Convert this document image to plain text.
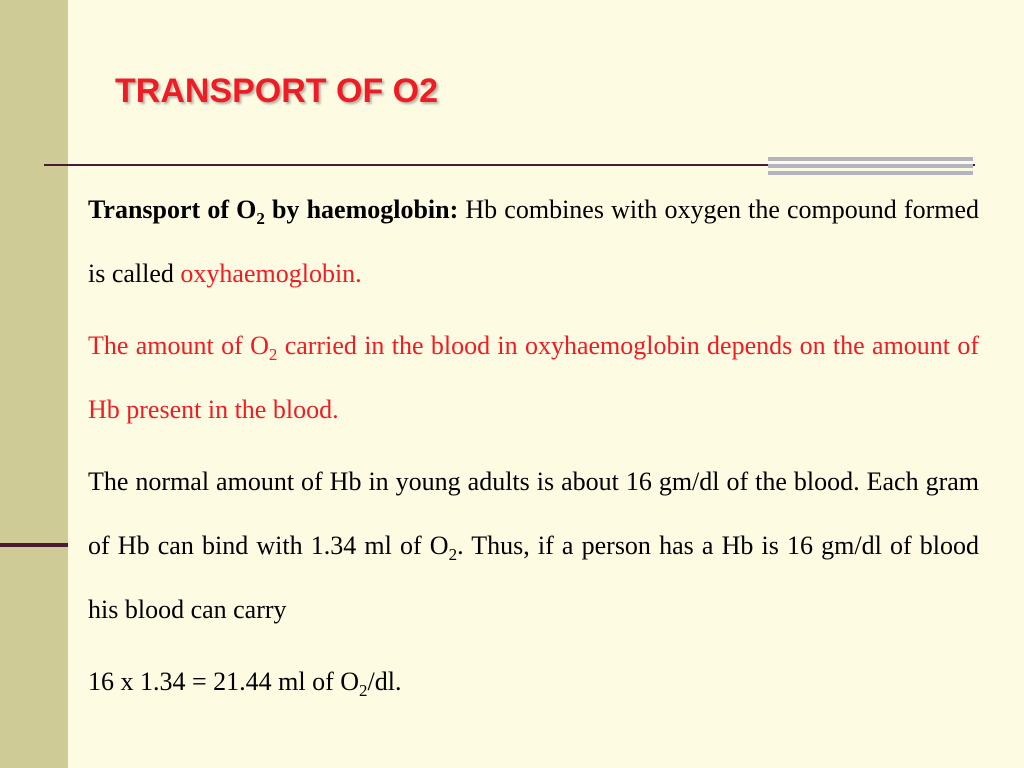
TRANSPORT OF O2

Transport of $O_2$ by haemoglobin: Hb combines with oxygen the compound formed is called oxyhaemoglobin.

The amount of $O_2$ carried in the blood in oxyhaemoglobin depends on the amount of Hb present in the blood.

The normal amount of Hb in young adults is about 16 gm/dl of the blood. Each gram of Hb can bind with 1.34 ml of $O_2$. Thus, if a person has a Hb is 16 gm/dl of blood his blood can carry

16 x 1.34 = 21.44 ml of $O_2/dl$.
